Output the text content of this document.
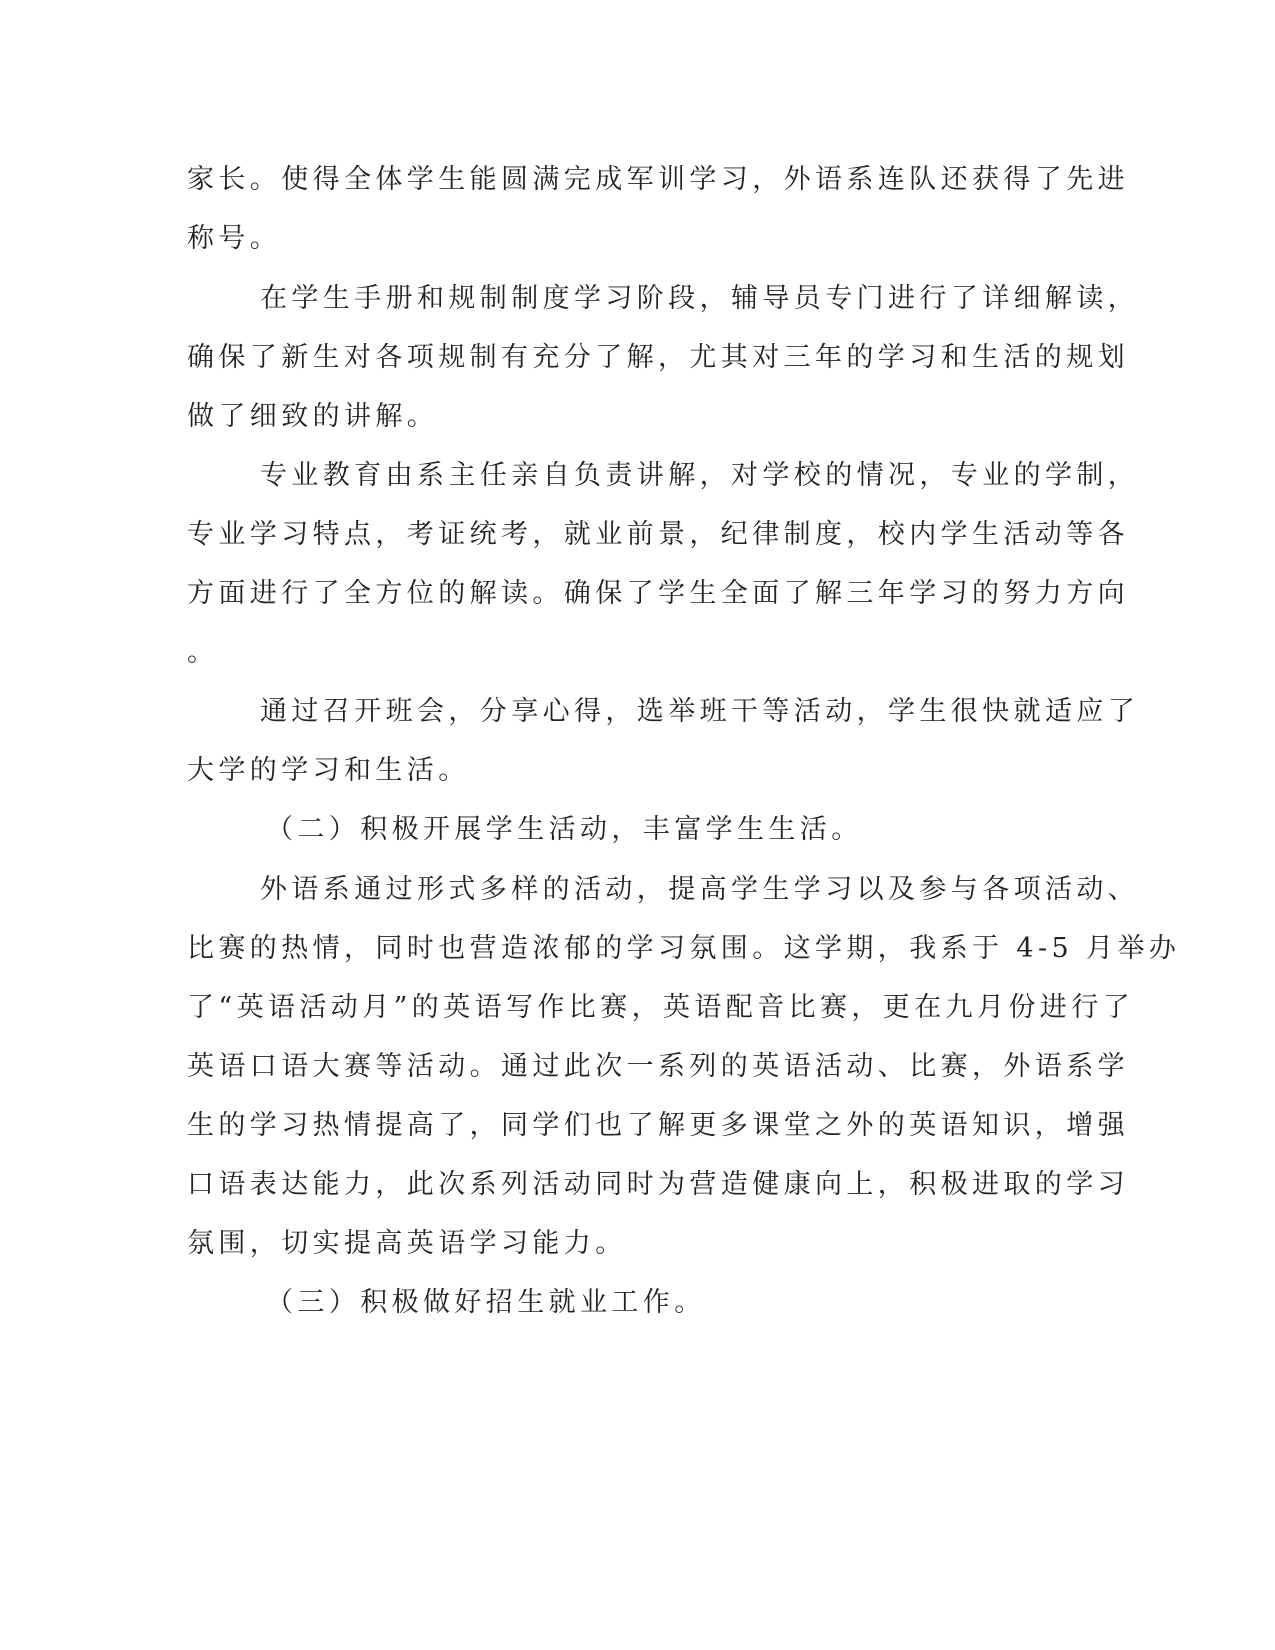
家长。使得全体学生能圆满完成军训学习，外语系连队还获得了先进

称号。

在学生手册和规制制度学习阶段，辅导员专门进行了详细解读，

确保了新生对各项规制有充分了解，尤其对三年的学习和生活的规划

做了细致的讲解。

专业教育由系主任亲自负责讲解，对学校的情况，专业的学制，

专业学习特点，考证统考，就业前景，纪律制度，校内学生活动等各

方面进行了全方位的解读。确保了学生全面了解三年学习的努力方向

。

通过召开班会，分享心得，选举班干等活动，学生很快就适应了

大学的学习和生活。

（二）积极开展学生活动，丰富学生生活。

外语系通过形式多样的活动，提高学生学习以及参与各项活动、

比赛的热情，同时也营造浓郁的学习氛围。这学期，我系于 4-5 月举办

了“英语活动月”的英语写作比赛，英语配音比赛，更在九月份进行了

英语口语大赛等活动。通过此次一系列的英语活动、比赛，外语系学

生的学习热情提高了，同学们也了解更多课堂之外的英语知识，增强

口语表达能力，此次系列活动同时为营造健康向上，积极进取的学习

氛围，切实提高英语学习能力。

（三）积极做好招生就业工作。
